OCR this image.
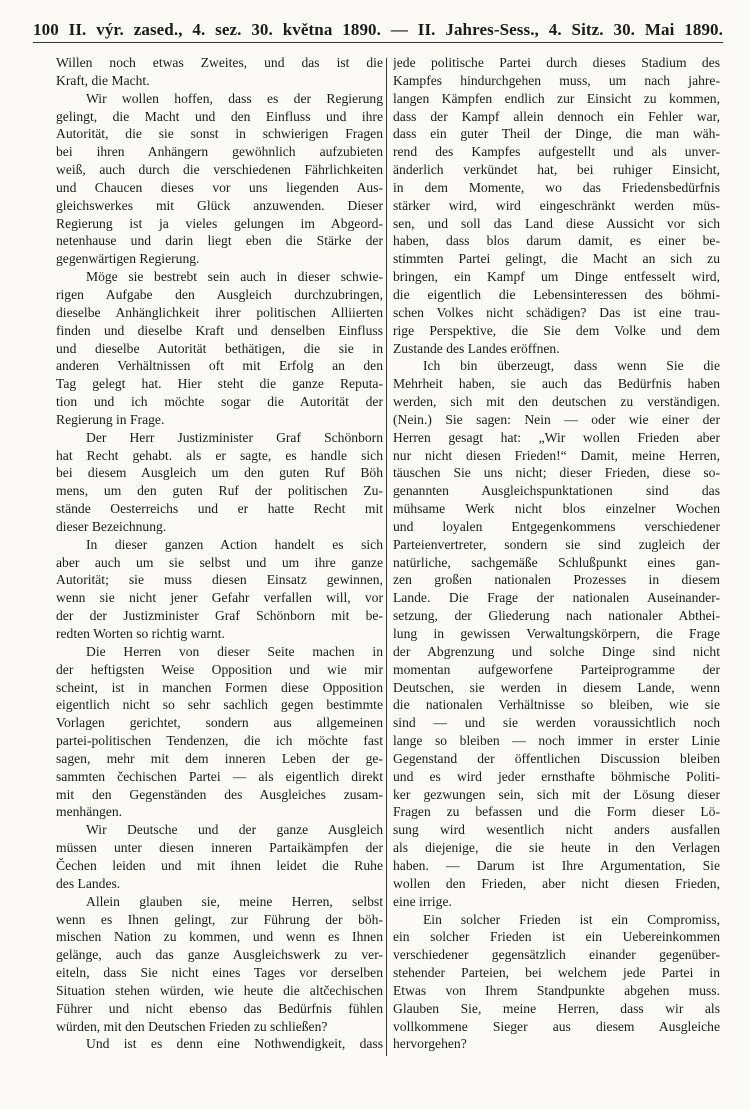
100 II. výr. zased., 4. sez. 30. května 1890. — II. Jahres-Sess., 4. Sitz. 30. Mai 1890.
Willen noch etwas Zweites, und das ist die
Kraft, die Macht.
Wir wollen hoffen, dass es der Regierung
gelingt, die Macht und den Einfluss und ihre
Autorität, die sie sonst in schwierigen Fragen
bei ihren Anhängern gewöhnlich aufzubieten
weiß, auch durch die verschiedenen Fährlichkeiten
und Chaucen dieses vor uns liegenden Aus-
gleichswerkes mit Glück anzuwenden. Dieser
Regierung ist ja vieles gelungen im Abgeord-
netenhause und darin liegt eben die Stärke der
gegenwärtigen Regierung.
Möge sie bestrebt sein auch in dieser schwie-
rigen Aufgabe den Ausgleich durchzubringen,
dieselbe Anhänglichkeit ihrer politischen Alliierten
finden und dieselbe Kraft und denselben Einfluss
und dieselbe Autorität bethätigen, die sie in
anderen Verhältnissen oft mit Erfolg an den
Tag gelegt hat. Hier steht die ganze Reputa-
tion und ich möchte sogar die Autorität der
Regierung in Frage.
Der Herr Justizminister Graf Schönborn
hat Recht gehabt. als er sagte, es handle sich
bei diesem Ausgleich um den guten Ruf Böh
mens, um den guten Ruf der politischen Zu-
stände Oesterreichs und er hatte Recht mit
dieser Bezeichnung.
In dieser ganzen Action handelt es sich
aber auch um sie selbst und um ihre ganze
Autorität; sie muss diesen Einsatz gewinnen,
wenn sie nicht jener Gefahr verfallen will, vor
der der Justizminister Graf Schönborn mit be-
redten Worten so richtig warnt.
Die Herren von dieser Seite machen in
der heftigsten Weise Opposition und wie mir
scheint, ist in manchen Formen diese Opposition
eigentlich nicht so sehr sachlich gegen bestimmte
Vorlagen gerichtet, sondern aus allgemeinen
partei-politischen Tendenzen, die ich möchte fast
sagen, mehr mit dem inneren Leben der ge-
sammten čechischen Partei — als eigentlich direkt
mit den Gegenständen des Ausgleiches zusam-
menhängen.
Wir Deutsche und der ganze Ausgleich
müssen unter diesen inneren Partaikämpfen der
Čechen leiden und mit ihnen leidet die Ruhe
des Landes.
Allein glauben sie, meine Herren, selbst
wenn es Ihnen gelingt, zur Führung der böh-
mischen Nation zu kommen, und wenn es Ihnen
gelänge, auch das ganze Ausgleichswerk zu ver-
eiteln, dass Sie nicht eines Tages vor derselben
Situation stehen würden, wie heute die altčechischen
Führer und nicht ebenso das Bedürfnis fühlen
würden, mit den Deutschen Frieden zu schließen?
Und ist es denn eine Nothwendigkeit, dass
jede politische Partei durch dieses Stadium des
Kampfes hindurchgehen muss, um nach jahre-
langen Kämpfen endlich zur Einsicht zu kommen,
dass der Kampf allein dennoch ein Fehler war,
dass ein guter Theil der Dinge, die man wäh-
rend des Kampfes aufgestellt und als unver-
änderlich verkündet hat, bei ruhiger Einsicht,
in dem Momente, wo das Friedensbedürfnis
stärker wird, wird eingeschränkt werden müs-
sen, und soll das Land diese Aussicht vor sich
haben, dass blos darum damit, es einer be-
stimmten Partei gelingt, die Macht an sich zu
bringen, ein Kampf um Dinge entfesselt wird,
die eigentlich die Lebensinteressen des böhmi-
schen Volkes nicht schädigen? Das ist eine trau-
rige Perspektive, die Sie dem Volke und dem
Zustande des Landes eröffnen.
Ich bin überzeugt, dass wenn Sie die
Mehrheit haben, sie auch das Bedürfnis haben
werden, sich mit den deutschen zu verständigen.
(Nein.) Sie sagen: Nein — oder wie einer der
Herren gesagt hat: „Wir wollen Frieden aber
nur nicht diesen Frieden!“ Damit, meine Herren,
täuschen Sie uns nicht; dieser Frieden, diese so-
genannten Ausgleichspunktationen sind das
mühsame Werk nicht blos einzelner Wochen
und loyalen Entgegenkommens verschiedener
Parteienvertreter, sondern sie sind zugleich der
natürliche, sachgemäße Schlußpunkt eines gan-
zen großen nationalen Prozesses in diesem
Lande. Die Frage der nationalen Auseinander-
setzung, der Gliederung nach nationaler Abthei-
lung in gewissen Verwaltungskörpern, die Frage
der Abgrenzung und solche Dinge sind nicht
momentan aufgeworfene Parteiprogramme der
Deutschen, sie werden in diesem Lande, wenn
die nationalen Verhältnisse so bleiben, wie sie
sind — und sie werden voraussichtlich noch
lange so bleiben — noch immer in erster Linie
Gegenstand der öffentlichen Discussion bleiben
und es wird jeder ernsthafte böhmische Politi-
ker gezwungen sein, sich mit der Lösung dieser
Fragen zu befassen und die Form dieser Lö-
sung wird wesentlich nicht anders ausfallen
als diejenige, die sie heute in den Verlagen
haben. — Darum ist Ihre Argumentation, Sie
wollen den Frieden, aber nicht diesen Frieden,
eine irrige.
Ein solcher Frieden ist ein Compromiss,
ein solcher Frieden ist ein Uebereinkommen
verschiedener gegensätzlich einander gegenüber-
stehender Parteien, bei welchem jede Partei in
Etwas von Ihrem Standpunkte abgehen muss.
Glauben Sie, meine Herren, dass wir als
vollkommene Sieger aus diesem Ausgleiche
hervorgehen?
